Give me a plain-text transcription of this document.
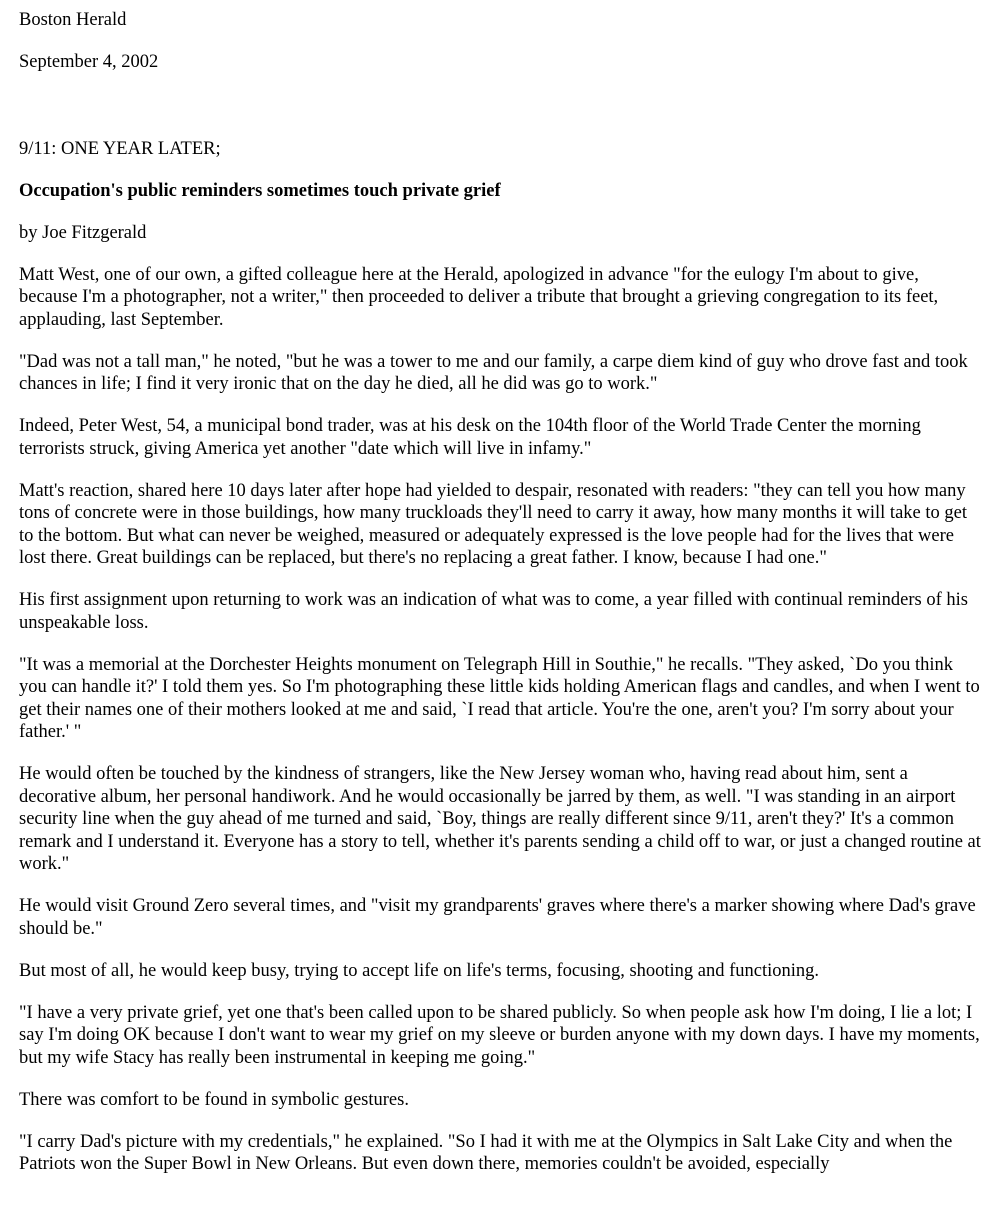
Boston Herald

September 4, 2002

9/11: ONE YEAR LATER;

Occupation's public reminders sometimes touch private grief

by Joe Fitzgerald

Matt West, one of our own, a gifted colleague here at the Herald, apologized in advance "for the eulogy I'm about to give, because I'm a photographer, not a writer," then proceeded to deliver a tribute that brought a grieving congregation to its feet, applauding, last September.

"Dad was not a tall man," he noted, "but he was a tower to me and our family, a carpe diem kind of guy who drove fast and took chances in life; I find it very ironic that on the day he died, all he did was go to work."

Indeed, Peter West, 54, a municipal bond trader, was at his desk on the 104th floor of the World Trade Center the morning terrorists struck, giving America yet another "date which will live in infamy."

Matt's reaction, shared here 10 days later after hope had yielded to despair, resonated with readers: "they can tell you how many tons of concrete were in those buildings, how many truckloads they'll need to carry it away, how many months it will take to get to the bottom. But what can never be weighed, measured or adequately expressed is the love people had for the lives that were lost there. Great buildings can be replaced, but there's no replacing a great father. I know, because I had one."

His first assignment upon returning to work was an indication of what was to come, a year filled with continual reminders of his unspeakable loss.

"It was a memorial at the Dorchester Heights monument on Telegraph Hill in Southie," he recalls. "They asked, `Do you think you can handle it?' I told them yes. So I'm photographing these little kids holding American flags and candles, and when I went to get their names one of their mothers looked at me and said, `I read that article. You're the one, aren't you? I'm sorry about your father.' "

He would often be touched by the kindness of strangers, like the New Jersey woman who, having read about him, sent a decorative album, her personal handiwork. And he would occasionally be jarred by them, as well. "I was standing in an airport security line when the guy ahead of me turned and said, `Boy, things are really different since 9/11, aren't they?' It's a common remark and I understand it. Everyone has a story to tell, whether it's parents sending a child off to war, or just a changed routine at work."

He would visit Ground Zero several times, and "visit my grandparents' graves where there's a marker showing where Dad's grave should be."

But most of all, he would keep busy, trying to accept life on life's terms, focusing, shooting and functioning.

"I have a very private grief, yet one that's been called upon to be shared publicly. So when people ask how I'm doing, I lie a lot; I say I'm doing OK because I don't want to wear my grief on my sleeve or burden anyone with my down days. I have my moments, but my wife Stacy has really been instrumental in keeping me going."

There was comfort to be found in symbolic gestures.

"I carry Dad's picture with my credentials," he explained. "So I had it with me at the Olympics in Salt Lake City and when the Patriots won the Super Bowl in New Orleans. But even down there, memories couldn't be avoided, especially
